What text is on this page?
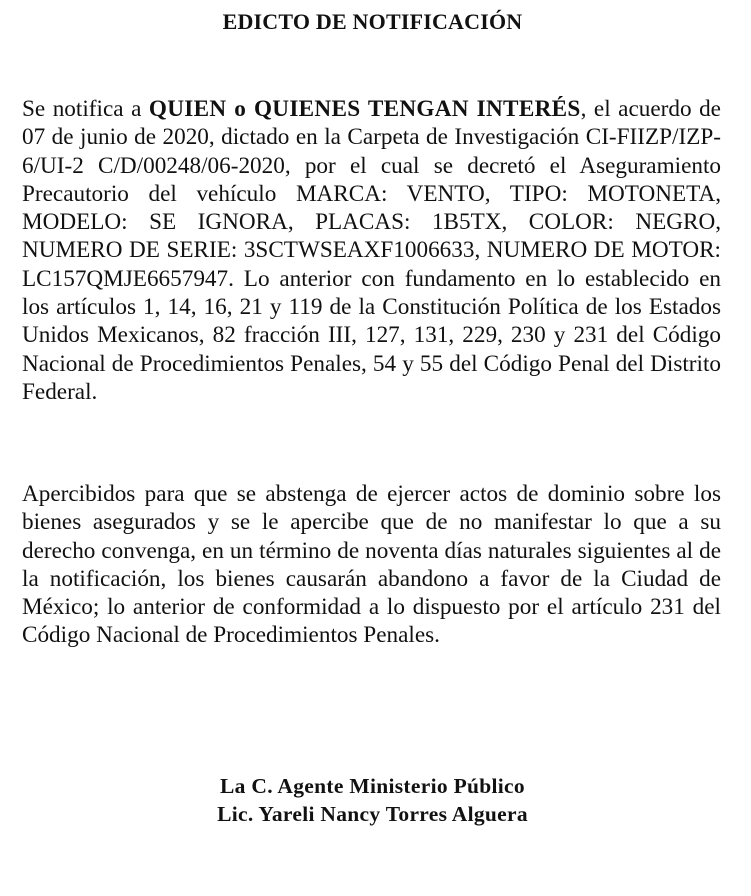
EDICTO DE NOTIFICACIÓN

Se notifica a QUIEN o QUIENES TENGAN INTERÉS, el acuerdo de 07 de junio de 2020, dictado en la Carpeta de Investigación CI-FIIZP/IZP-6/UI-2 C/D/00248/06-2020, por el cual se decretó el Aseguramiento Precautorio del vehículo MARCA: VENTO, TIPO: MOTONETA, MODELO: SE IGNORA, PLACAS: 1B5TX, COLOR: NEGRO, NUMERO DE SERIE: 3SCTWSEAXF1006633, NUMERO DE MOTOR: LC157QMJE6657947. Lo anterior con fundamento en lo establecido en los artículos 1, 14, 16, 21 y 119 de la Constitución Política de los Estados Unidos Mexicanos, 82 fracción III, 127, 131, 229, 230 y 231 del Código Nacional de Procedimientos Penales, 54 y 55 del Código Penal del Distrito Federal.

Apercibidos para que se abstenga de ejercer actos de dominio sobre los bienes asegurados y se le apercibe que de no manifestar lo que a su derecho convenga, en un término de noventa días naturales siguientes al de la notificación, los bienes causarán abandono a favor de la Ciudad de México; lo anterior de conformidad a lo dispuesto por el artículo 231 del Código Nacional de Procedimientos Penales.

La C. Agente Ministerio Público

Lic. Yareli Nancy Torres Alguera
